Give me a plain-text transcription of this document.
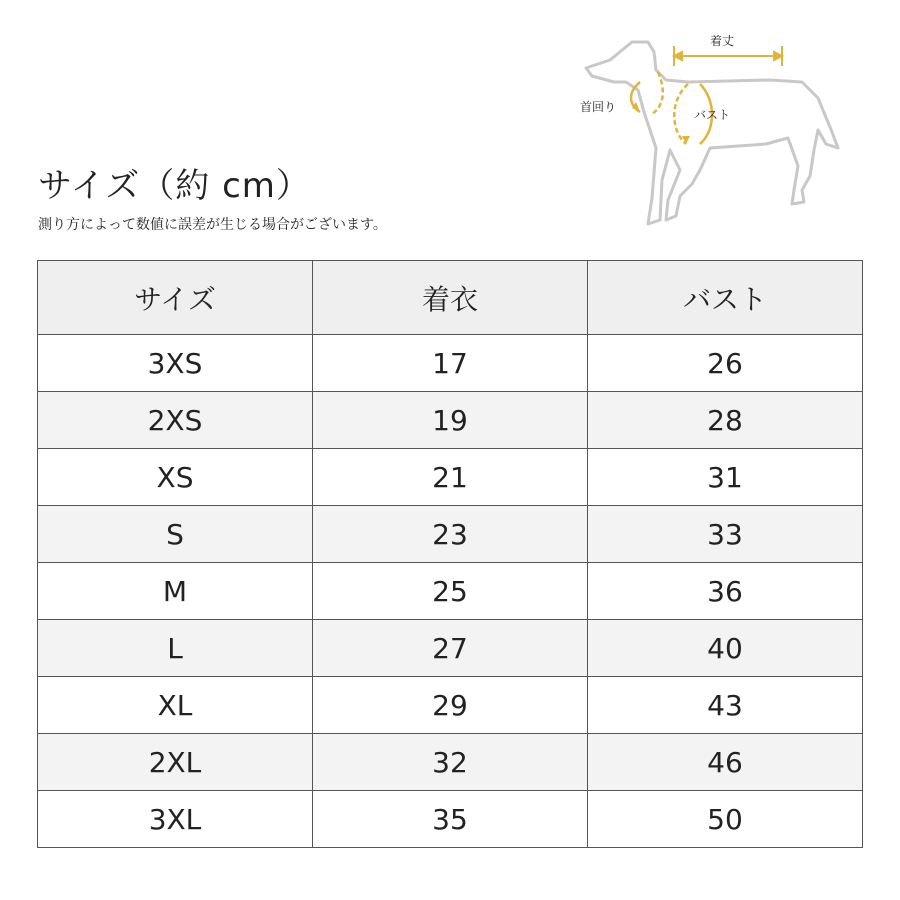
着丈
首回り
バスト
サイズ（約 cm）
測り方によって数値に誤差が生じる場合がございます。
サイズ	着衣	バスト
3XS	17	26
2XS	19	28
XS	21	31
S	23	33
M	25	36
L	27	40
XL	29	43
2XL	32	46
3XL	35	50
